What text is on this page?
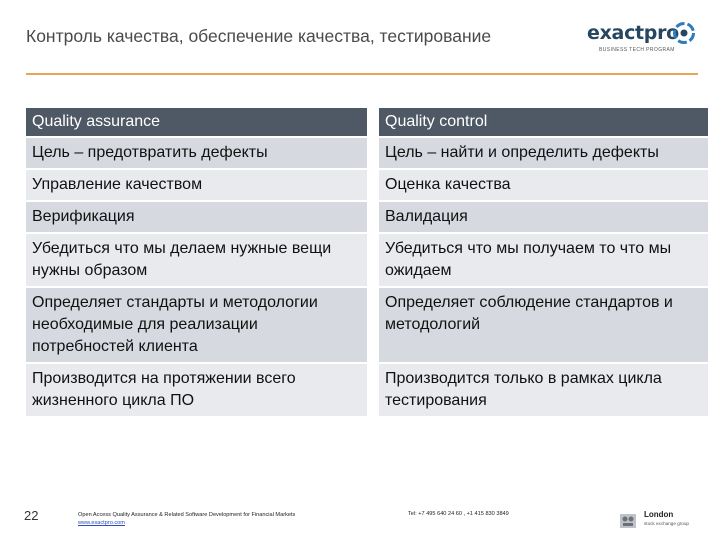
Контроль качества, обеспечение качества, тестирование	exactpro
BUSINESS TECH PROGRAM
Quality assurance	Quality control
Цель – предотвратить дефекты	Цель – найти и определить дефекты
Управление качеством	Оценка качества
Верификация	Валидация
Убедиться что мы делаем нужные вещи нужны образом	Убедиться что мы получаем то что мы ожидаем
Определяет стандарты и методологии необходимые для реализации потребностей клиента	Определяет соблюдение стандартов и методологий
Производится на протяжении всего жизненного цикла ПО	Производится только в рамках цикла тестирования
22	Open Access Quality Assurance & Related Software Development for Financial Markets
www.exactpro.com
Tel: +7 495 640 24 60 , +1 415 830 3849	London
stock exchange group
